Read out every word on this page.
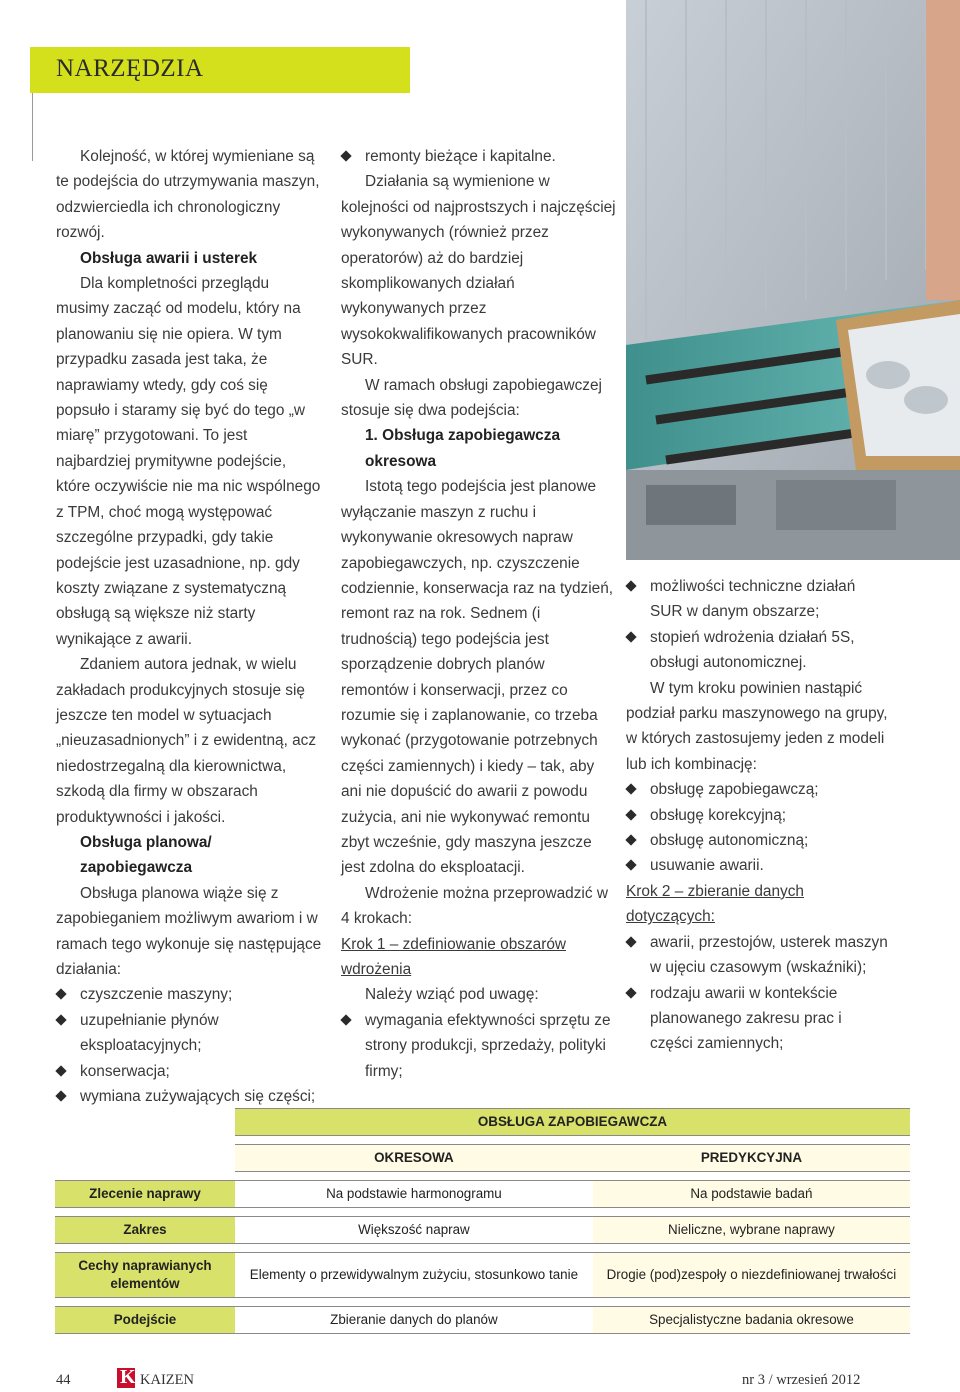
NARZĘDZIA

Kolejność, w której wymieniane są te podejścia do utrzymywania maszyn, odzwierciedla ich chronologiczny rozwój.

Obsługa awarii i usterek

Dla kompletności przeglądu musimy zacząć od modelu, który na planowaniu się nie opiera. W tym przypadku zasada jest taka, że naprawiamy wtedy, gdy coś się popsuło i staramy się być do tego „w miarę” przygotowani. To jest najbardziej prymitywne podejście, które oczywiście nie ma nic wspólnego z TPM, choć mogą występować szczególne przypadki, gdy takie podejście jest uzasadnione, np. gdy koszty związane z systematyczną obsługą są większe niż starty wynikające z awarii.

Zdaniem autora jednak, w wielu zakładach produkcyjnych stosuje się jeszcze ten model w sytuacjach „nieuzasadnionych” i z ewidentną, acz niedostrzegalną dla kierownictwa, szkodą dla firmy w obszarach produktywności i jakości.

Obsługa planowa/ zapobiegawcza

Obsługa planowa wiąże się z zapobieganiem możliwym awariom i w ramach tego wykonuje się następujące działania:

czyszczenie maszyny;

uzupełnianie płynów eksploatacyjnych;

konserwacja;

wymiana zużywających się części;

remonty bieżące i kapitalne.

Działania są wymienione w kolejności od najprostszych i najczęściej wykonywanych (również przez operatorów) aż do bardziej skomplikowanych działań wykonywanych przez wysokokwalifikowanych pracowników SUR.

W ramach obsługi zapobiegawczej stosuje się dwa podejścia:

1. Obsługa zapobiegawcza okresowa

Istotą tego podejścia jest planowe wyłączanie maszyn z ruchu i wykonywanie okresowych napraw zapobiegawczych, np. czyszczenie codziennie, konserwacja raz na tydzień, remont raz na rok. Sednem (i trudnością) tego podejścia jest sporządzenie dobrych planów remontów i konserwacji, przez co rozumie się i zaplanowanie, co trzeba wykonać (przygotowanie potrzebnych części zamiennych) i kiedy – tak, aby ani nie dopuścić do awarii z powodu zużycia, ani nie wykonywać remontu zbyt wcześnie, gdy maszyna jeszcze jest zdolna do eksploatacji.

Wdrożenie można przeprowadzić w 4 krokach:

Krok 1 – zdefiniowanie obszarów wdrożenia

Należy wziąć pod uwagę:

wymagania efektywności sprzętu ze strony produkcji, sprzedaży, polityki firmy;

możliwości techniczne działań SUR w danym obszarze;

stopień wdrożenia działań 5S, obsługi autonomicznej.

W tym kroku powinien nastąpić podział parku maszynowego na grupy, w których zastosujemy jeden z modeli lub ich kombinację:

obsługę zapobiegawczą;

obsługę korekcyjną;

obsługę autonomiczną;

usuwanie awarii.

Krok 2 – zbieranie danych dotyczących:

awarii, przestojów, usterek maszyn w ujęciu czasowym (wskaźniki);

rodzaju awarii w kontekście planowanego zakresu prac i części zamiennych;

	OBSŁUGA ZAPOBIEGAWCZA	
	OKRESOWA	PREDYKCYJNA
Zlecenie naprawy	Na podstawie harmonogramu	Na podstawie badań
Zakres	Większość napraw	Nieliczne, wybrane naprawy
Cechy naprawianych elementów	Elementy o przewidywalnym zużyciu, stosunkowo tanie	Drogie (pod)zespoły o niezdefiniowanej trwałości
Podejście	Zbieranie danych do planów	Specjalistyczne badania okresowe
44 K KAIZEN	nr 3 / wrzesień 2012
